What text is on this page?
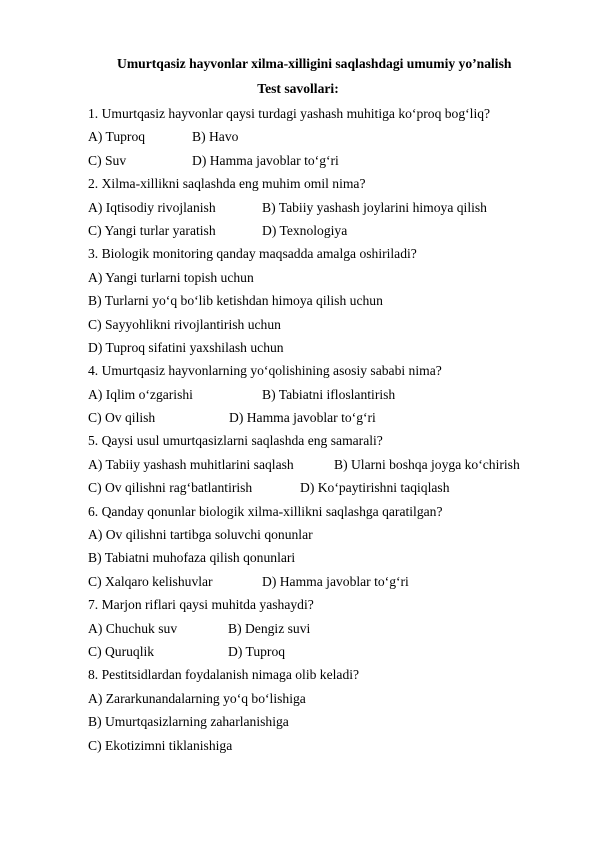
Umurtqasiz hayvonlar xilma-xilligini saqlashdagi umumiy yo’nalish
Test savollari:
1. Umurtqasiz hayvonlar qaysi turdagi yashash muhitiga ko‘proq bog‘liq?
A) Tuproq	B) Havo
C) Suv	D) Hamma javoblar to‘g‘ri
2. Xilma-xillikni saqlashda eng muhim omil nima?
A) Iqtisodiy rivojlanish	B) Tabiiy yashash joylarini himoya qilish
C) Yangi turlar yaratish	D) Texnologiya
3. Biologik monitoring qanday maqsadda amalga oshiriladi?
A) Yangi turlarni topish uchun
B) Turlarni yo‘q bo‘lib ketishdan himoya qilish uchun
C) Sayyohlikni rivojlantirish uchun
D) Tuproq sifatini yaxshilash uchun
4. Umurtqasiz hayvonlarning yo‘qolishining asosiy sababi nima?
A) Iqlim o‘zgarishi	B) Tabiatni ifloslantirish
C) Ov qilish	D) Hamma javoblar to‘g‘ri
5. Qaysi usul umurtqasizlarni saqlashda eng samarali?
A) Tabiiy yashash muhitlarini saqlash	B) Ularni boshqa joyga ko‘chirish
C) Ov qilishni rag‘batlantirish	D) Ko‘paytirishni taqiqlash
6. Qanday qonunlar biologik xilma-xillikni saqlashga qaratilgan?
A) Ov qilishni tartibga soluvchi qonunlar
B) Tabiatni muhofaza qilish qonunlari
C) Xalqaro kelishuvlar	D) Hamma javoblar to‘g‘ri
7. Marjon riflari qaysi muhitda yashaydi?
A) Chuchuk suv	B) Dengiz suvi
C) Quruqlik	D) Tuproq
8. Pestitsidlardan foydalanish nimaga olib keladi?
A) Zararkunandalarning yo‘q bo‘lishiga
B) Umurtqasizlarning zaharlanishiga
C) Ekotizimni tiklanishiga
